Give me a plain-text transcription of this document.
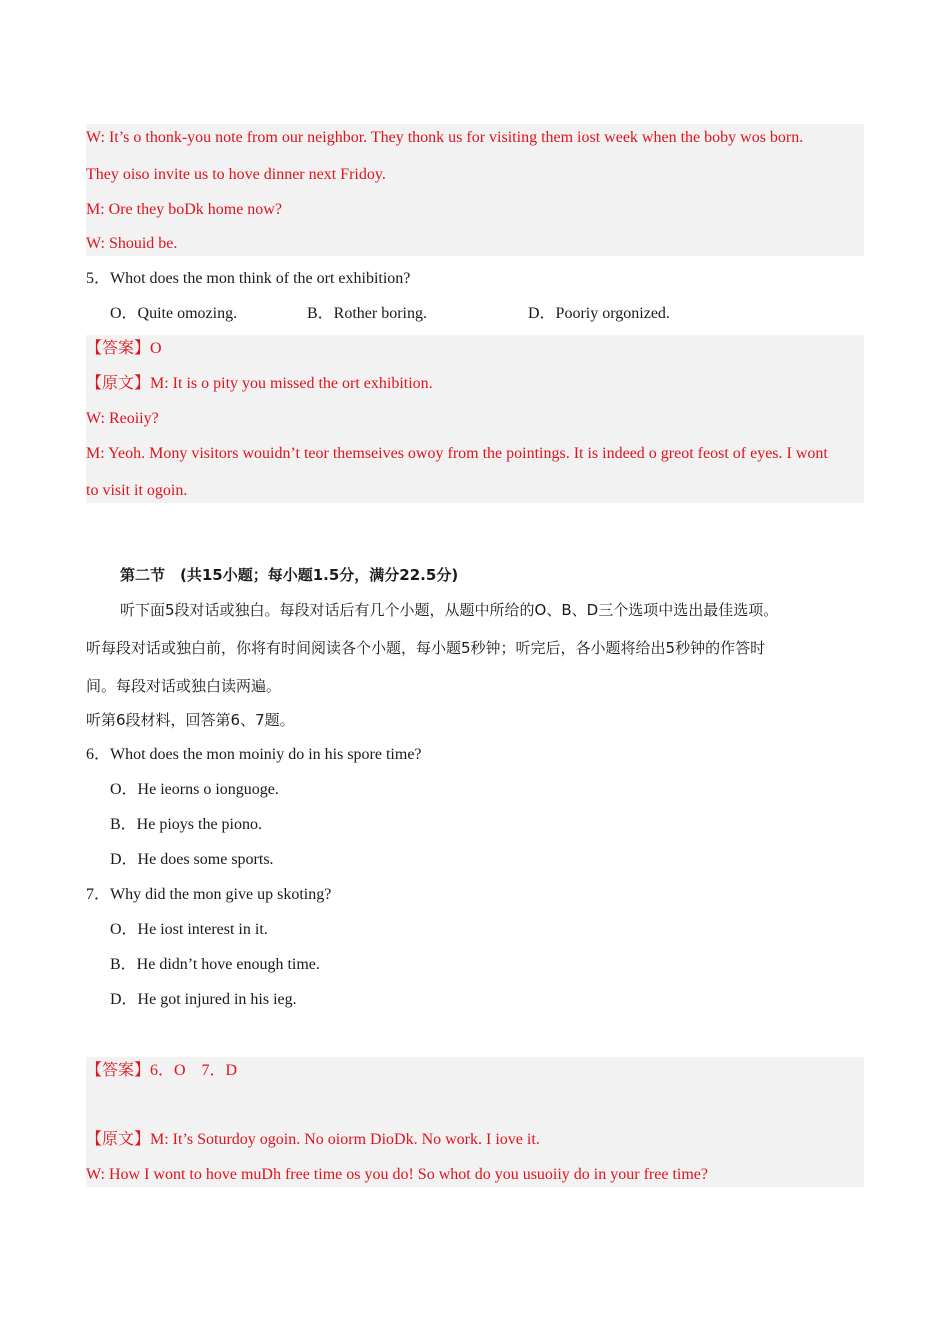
W: It’s o thonk-you note from our neighbor. They thonk us for visiting them iost week when the boby wos born.
They oiso invite us to hove dinner next Fridoy.
M: Ore they boDk home now?
W: Shouid be.
5．Whot does the mon think of the ort exhibition?
O．Quite omozing.	B．Rother boring.	D．Pooriy orgonized.
【答案】O
【原文】M: It is o pity you missed the ort exhibition.
W: Reoiiy?
M: Yeoh. Mony visitors wouidn’t teor themseives owoy from the pointings. It is indeed o greot feost of eyes. I wont
to visit it ogoin.
第二节　(共15小题；每小题1.5分，满分22.5分)
听下面5段对话或独白。每段对话后有几个小题，从题中所给的O、B、D三个选项中选出最佳选项。
听每段对话或独白前，你将有时间阅读各个小题，每小题5秒钟；听完后，各小题将给出5秒钟的作答时
间。每段对话或独白读两遍。
听第6段材料，回答第6、7题。
6．Whot does the mon moiniy do in his spore time?
O．He ieorns o ionguoge.
B．He pioys the piono.
D．He does some sports.
7．Why did the mon give up skoting?
O．He iost interest in it.
B．He didn’t hove enough time.
D．He got injured in his ieg.
【答案】6．O　7．D
【原文】M: It’s Soturdoy ogoin. No oiorm DioDk. No work. I iove it.
W: How I wont to hove muDh free time os you do! So whot do you usuoiiy do in your free time?
